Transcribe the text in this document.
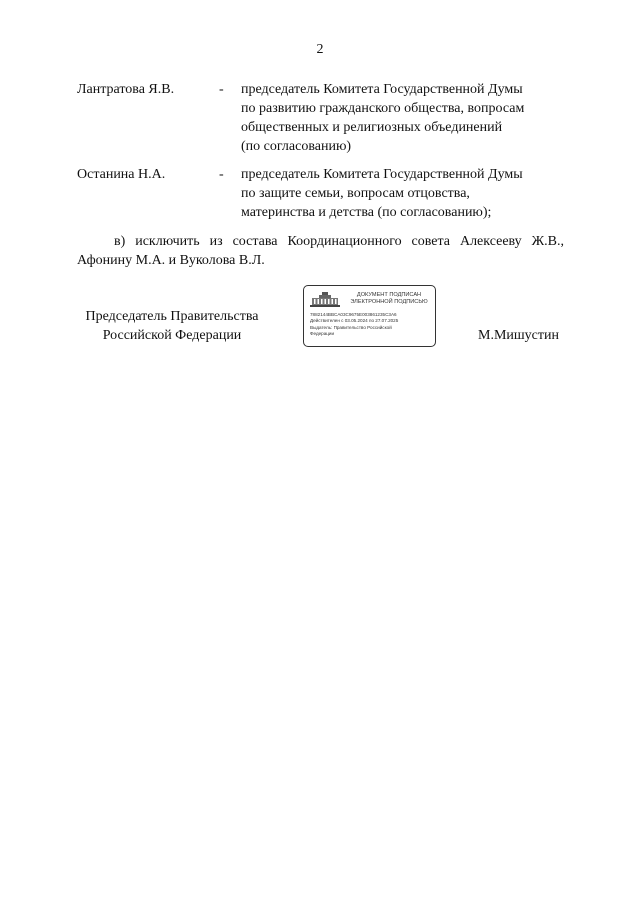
2
Лантратова Я.В.	- председатель Комитета Государственной Думы
по развитию гражданского общества, вопросам
общественных и религиозных объединений
(по согласованию)
Останина Н.А.	- председатель Комитета Государственной Думы
по защите семьи, вопросам отцовства,
материнства и детства (по согласованию);
в) исключить из состава Координационного совета Алексееву Ж.В.,
Афонину М.А. и Вуколова В.Л.
Председатель Правительства
Российской Федерации
ДОКУМЕНТ ПОДПИСАН
ЭЛЕКТРОННОЙ ПОДПИСЬЮ
7882144BBCA03C9675E003861235C3A6
Действителен с 03.05.2024 по 27.07.2025
Выдатель: Правительство Российской
Федерации	М.Мишустин
